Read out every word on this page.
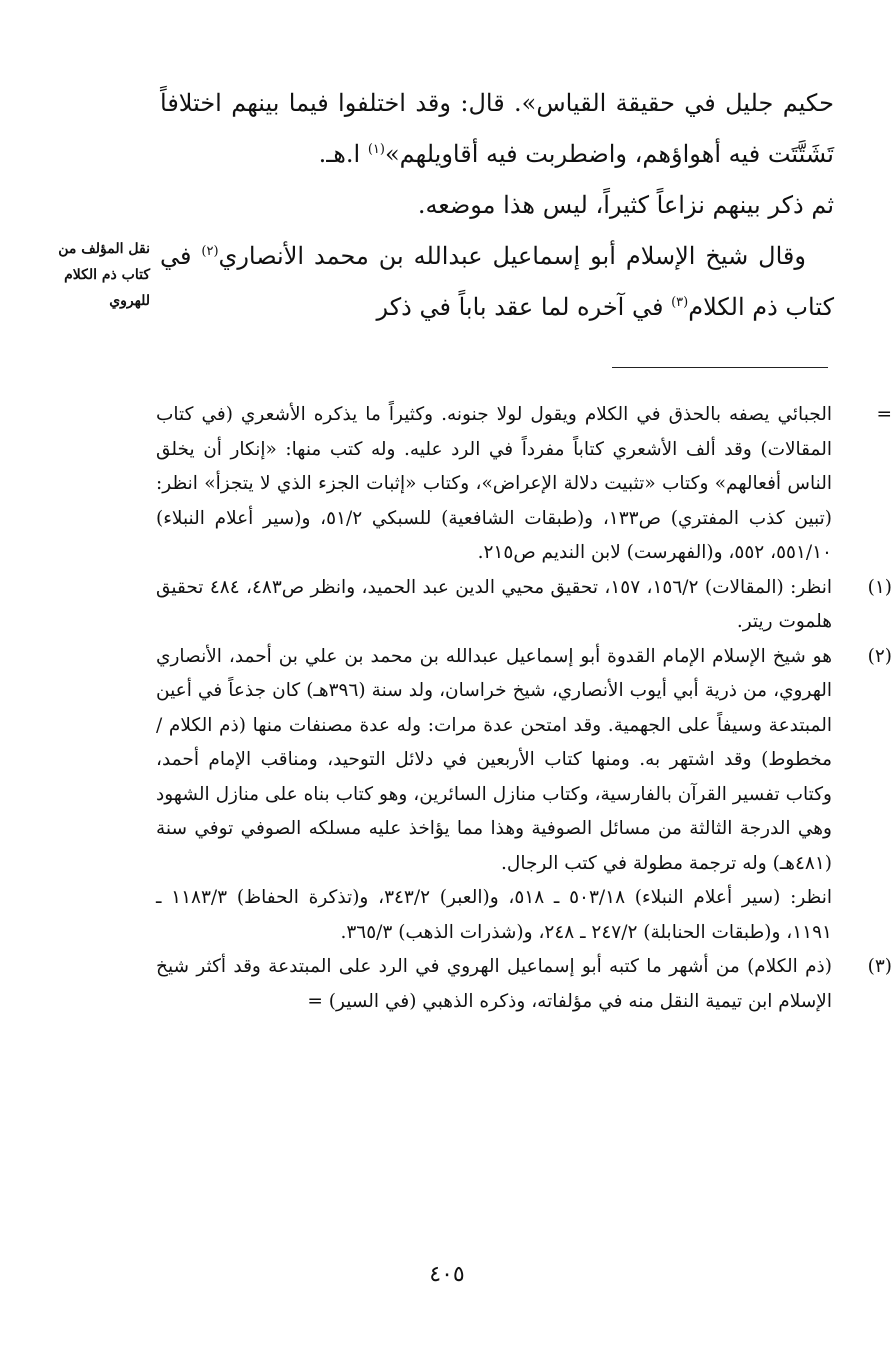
حكيم جليل في حقيقة القياس». قال: وقد اختلفوا فيما بينهم اختلافاً تَشَتَّتَت فيه أهواؤهم، واضطربت فيه أقاويلهم»$^{(١)}$ ا.هـ.

ثم ذكر بينهم نزاعاً كثيراً، ليس هذا موضعه.

وقال شيخ الإسلام أبو إسماعيل عبدالله بن محمد الأنصاري$^{(٢)}$ في كتاب ذم الكلام$^{(٣)}$ في آخره لما عقد باباً في ذكر

نقل المؤلف من كتاب ذم الكلام للهروي
=
الجبائي يصفه بالحذق في الكلام ويقول لولا جنونه. وكثيراً ما يذكره الأشعري (في كتاب المقالات) وقد ألف الأشعري كتاباً مفرداً في الرد عليه. وله كتب منها: «إنكار أن يخلق الناس أفعالهم» وكتاب «تثبيت دلالة الإعراض»، وكتاب «إثبات الجزء الذي لا يتجزأ» انظر: (تبين كذب المفتري) ص١٣٣، و(طبقات الشافعية) للسبكي ٥١/٢، و(سير أعلام النبلاء) ٥٥١/١٠، ٥٥٢، و(الفهرست) لابن النديم ص٢١٥.
(١)
انظر: (المقالات) ١٥٦/٢، ١٥٧، تحقيق محيي الدين عبد الحميد، وانظر ص٤٨٣، ٤٨٤ تحقيق هلموت ريتر.
(٢)
هو شيخ الإسلام الإمام القدوة أبو إسماعيل عبدالله بن محمد بن علي بن أحمد، الأنصاري الهروي، من ذرية أبي أيوب الأنصاري، شيخ خراسان، ولد سنة (٣٩٦هـ) كان جذعاً في أعين المبتدعة وسيفاً على الجهمية. وقد امتحن عدة مرات: وله عدة مصنفات منها (ذم الكلام / مخطوط) وقد اشتهر به. ومنها كتاب الأربعين في دلائل التوحيد، ومناقب الإمام أحمد، وكتاب تفسير القرآن بالفارسية، وكتاب منازل السائرين، وهو كتاب بناه على منازل الشهود وهي الدرجة الثالثة من مسائل الصوفية وهذا مما يؤاخذ عليه مسلكه الصوفي توفي سنة (٤٨١هـ) وله ترجمة مطولة في كتب الرجال.

انظر: (سير أعلام النبلاء) ٥٠٣/١٨ ـ ٥١٨، و(العبر) ٣٤٣/٢، و(تذكرة الحفاظ) ١١٨٣/٣ ـ ١١٩١، و(طبقات الحنابلة) ٢٤٧/٢ ـ ٢٤٨، و(شذرات الذهب) ٣٦٥/٣.

(٣)
(ذم الكلام) من أشهر ما كتبه أبو إسماعيل الهروي في الرد على المبتدعة وقد أكثر شيخ الإسلام ابن تيمية النقل منه في مؤلفاته، وذكره الذهبي (في السير) =
٤٠٥
